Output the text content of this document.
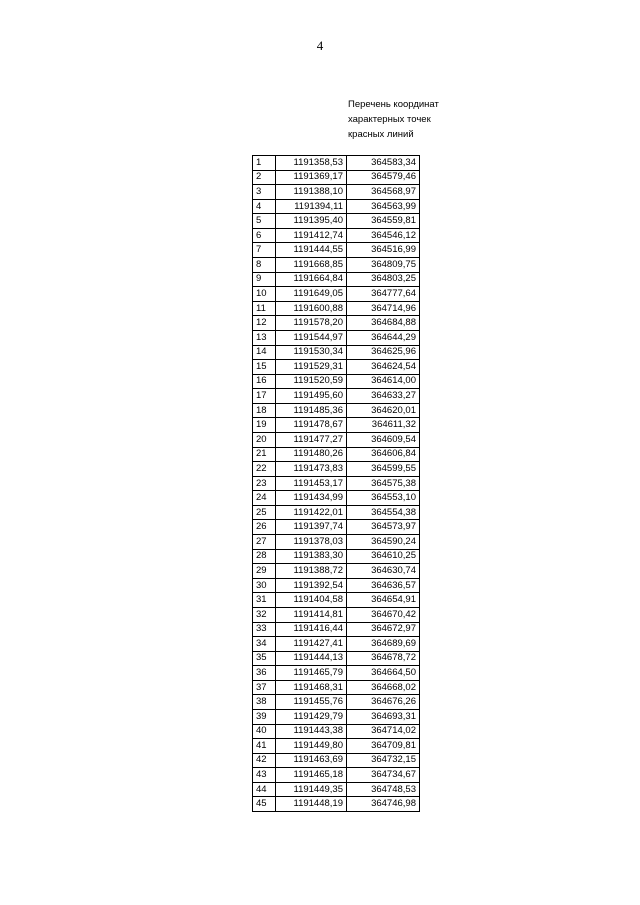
4
Перечень координат
характерных точек
красных линий
1	1191358,53	364583,34
2	1191369,17	364579,46
3	1191388,10	364568,97
4	1191394,11	364563,99
5	1191395,40	364559,81
6	1191412,74	364546,12
7	1191444,55	364516,99
8	1191668,85	364809,75
9	1191664,84	364803,25
10	1191649,05	364777,64
11	1191600,88	364714,96
12	1191578,20	364684,88
13	1191544,97	364644,29
14	1191530,34	364625,96
15	1191529,31	364624,54
16	1191520,59	364614,00
17	1191495,60	364633,27
18	1191485,36	364620,01
19	1191478,67	364611,32
20	1191477,27	364609,54
21	1191480,26	364606,84
22	1191473,83	364599,55
23	1191453,17	364575,38
24	1191434,99	364553,10
25	1191422,01	364554,38
26	1191397,74	364573,97
27	1191378,03	364590,24
28	1191383,30	364610,25
29	1191388,72	364630,74
30	1191392,54	364636,57
31	1191404,58	364654,91
32	1191414,81	364670,42
33	1191416,44	364672,97
34	1191427,41	364689,69
35	1191444,13	364678,72
36	1191465,79	364664,50
37	1191468,31	364668,02
38	1191455,76	364676,26
39	1191429,79	364693,31
40	1191443,38	364714,02
41	1191449,80	364709,81
42	1191463,69	364732,15
43	1191465,18	364734,67
44	1191449,35	364748,53
45	1191448,19	364746,98
